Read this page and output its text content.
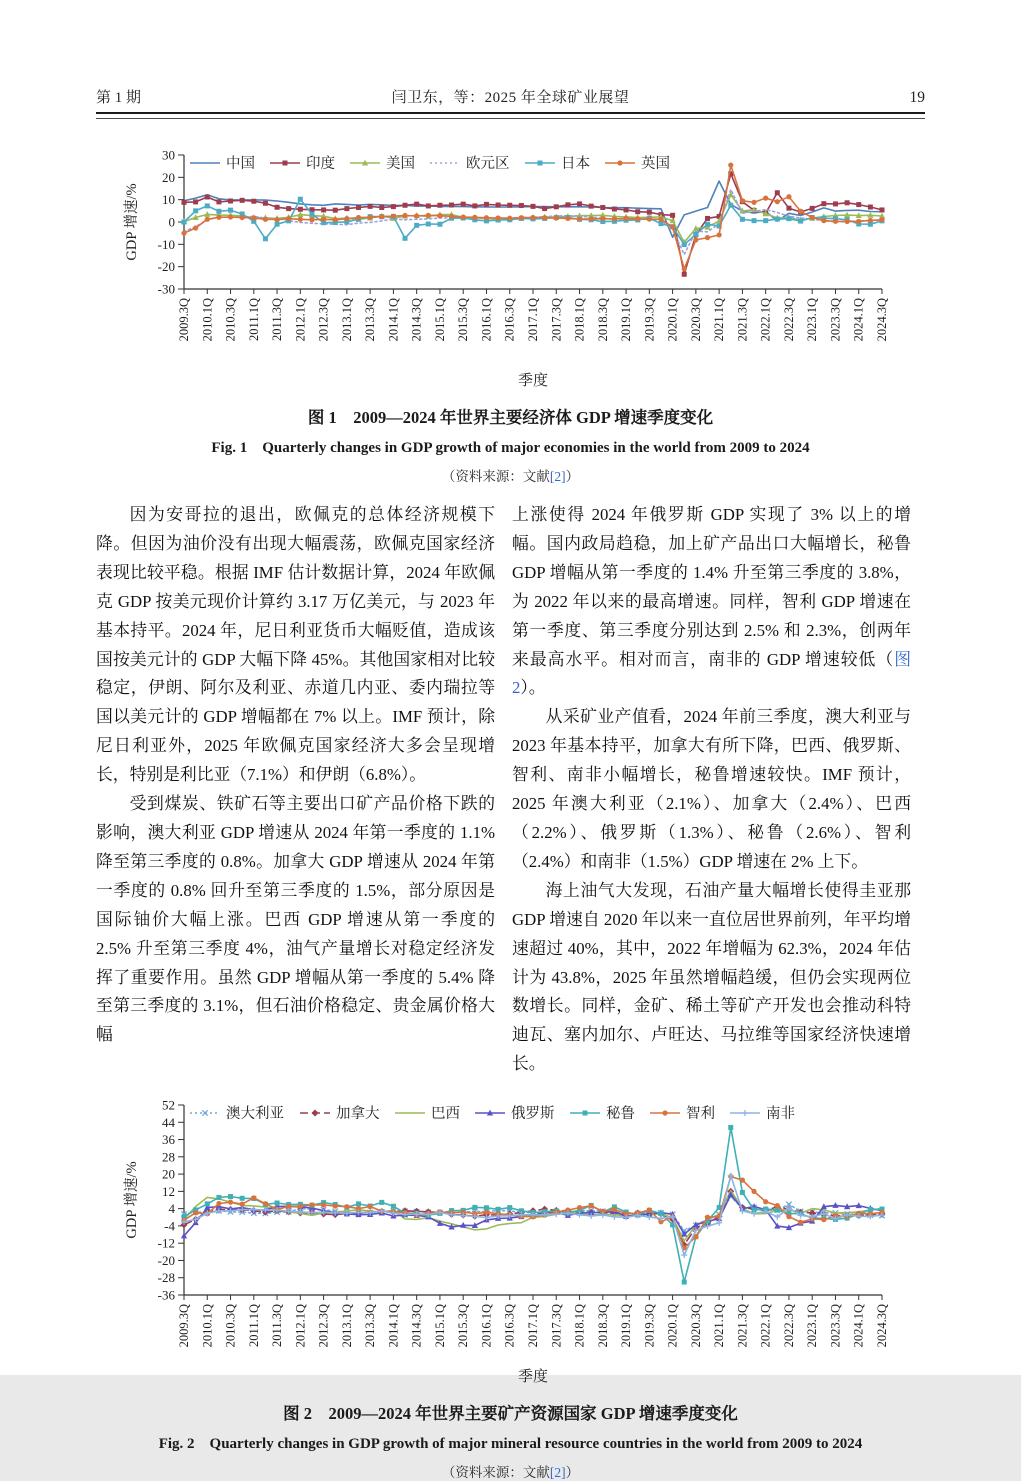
第 1 期	闫卫东，等：2025 年全球矿业展望	19
30
20
10
0
-10
-20
-30
2009.3Q 2010.1Q 2010.3Q 2011.1Q 2011.3Q 2012.1Q 2012.3Q 2013.1Q 2013.3Q 2014.1Q 2014.3Q 2015.1Q 2015.3Q 2016.1Q 2016.3Q 2017.1Q 2017.3Q 2018.1Q 2018.3Q 2019.1Q 2019.3Q 2020.1Q 2020.3Q 2021.1Q 2021.3Q 2022.1Q 2022.3Q 2023.1Q 2023.3Q 2024.1Q 2024.3Q
季度
GDP 增速/%
中国	印度	美国	欧元区	日本	英国
图 1　2009—2024 年世界主要经济体 GDP 增速季度变化
Fig. 1　Quarterly changes in GDP growth of major economies in the world from 2009 to 2024
（资料来源：文献[2]）

因为安哥拉的退出，欧佩克的总体经济规模下降。但因为油价没有出现大幅震荡，欧佩克国家经济表现比较平稳。根据 IMF 估计数据计算，2024 年欧佩克 GDP 按美元现价计算约 3.17 万亿美元，与 2023 年基本持平。2024 年，尼日利亚货币大幅贬值，造成该国按美元计的 GDP 大幅下降 45%。其他国家相对比较稳定，伊朗、阿尔及利亚、赤道几内亚、委内瑞拉等国以美元计的 GDP 增幅都在 7% 以上。IMF 预计，除尼日利亚外，2025 年欧佩克国家经济大多会呈现增长，特别是利比亚（7.1%）和伊朗（6.8%）。

受到煤炭、铁矿石等主要出口矿产品价格下跌的影响，澳大利亚 GDP 增速从 2024 年第一季度的 1.1% 降至第三季度的 0.8%。加拿大 GDP 增速从 2024 年第一季度的 0.8% 回升至第三季度的 1.5%，部分原因是国际铀价大幅上涨。巴西 GDP 增速从第一季度的 2.5% 升至第三季度 4%，油气产量增长对稳定经济发挥了重要作用。虽然 GDP 增幅从第一季度的 5.4% 降至第三季度的 3.1%，但石油价格稳定、贵金属价格大幅

上涨使得 2024 年俄罗斯 GDP 实现了 3% 以上的增幅。国内政局趋稳，加上矿产品出口大幅增长，秘鲁 GDP 增幅从第一季度的 1.4% 升至第三季度的 3.8%，为 2022 年以来的最高增速。同样，智利 GDP 增速在第一季度、第三季度分别达到 2.5% 和 2.3%，创两年来最高水平。相对而言，南非的 GDP 增速较低（图 2）。

从采矿业产值看，2024 年前三季度，澳大利亚与 2023 年基本持平，加拿大有所下降，巴西、俄罗斯、智利、南非小幅增长，秘鲁增速较快。IMF 预计，2025 年澳大利亚（2.1%）、加拿大（2.4%）、巴西（2.2%）、俄罗斯（1.3%）、秘鲁（2.6%）、智利（2.4%）和南非（1.5%）GDP 增速在 2% 上下。

海上油气大发现，石油产量大幅增长使得圭亚那 GDP 增速自 2020 年以来一直位居世界前列，年平均增速超过 40%，其中，2022 年增幅为 62.3%，2024 年估计为 43.8%，2025 年虽然增幅趋缓，但仍会实现两位数增长。同样，金矿、稀土等矿产开发也会推动科特迪瓦、塞内加尔、卢旺达、马拉维等国家经济快速增长。

52
44
36
28
20
12
4
-4
-12
-20
-28
-36
2009.3Q 2010.1Q 2010.3Q 2011.1Q 2011.3Q 2012.1Q 2012.3Q 2013.1Q 2013.3Q 2014.1Q 2014.3Q 2015.1Q 2015.3Q 2016.1Q 2016.3Q 2017.1Q 2017.3Q 2018.1Q 2018.3Q 2019.1Q 2019.3Q 2020.1Q 2020.3Q 2021.1Q 2021.3Q 2022.1Q 2022.3Q 2023.1Q 2023.3Q 2024.1Q 2024.3Q
季度
GDP 增速/%
澳大利亚	加拿大	巴西	俄罗斯	秘鲁	智利	南非
图 2　2009—2024 年世界主要矿产资源国家 GDP 增速季度变化
Fig. 2　Quarterly changes in GDP growth of major mineral resource countries in the world from 2009 to 2024
（资料来源：文献[2]）
